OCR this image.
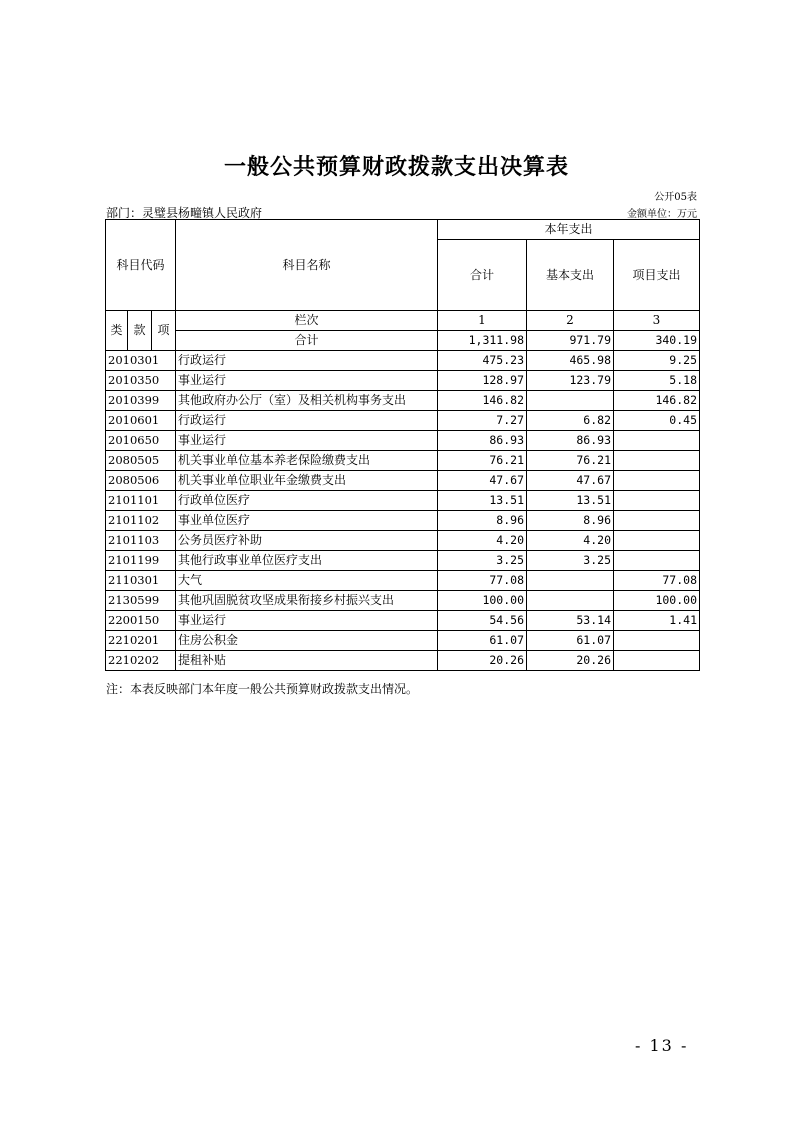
一般公共预算财政拨款支出决算表
公开05表
部门：灵璧县杨疃镇人民政府	金额单位：万元
科目代码			科目名称	本年支出		
				合计	基本支出	项目支出

类	款	项	栏次	1	2	3
			合计	1,311.98	971.79	340.19
2010301			行政运行	475.23	465.98	9.25
2010350			事业运行	128.97	123.79	5.18
2010399			其他政府办公厅（室）及相关机构事务支出	146.82		146.82
2010601			行政运行	7.27	6.82	0.45
2010650			事业运行	86.93	86.93	
2080505			机关事业单位基本养老保险缴费支出	76.21	76.21	
2080506			机关事业单位职业年金缴费支出	47.67	47.67	
2101101			行政单位医疗	13.51	13.51	
2101102			事业单位医疗	8.96	8.96	
2101103			公务员医疗补助	4.20	4.20	
2101199			其他行政事业单位医疗支出	3.25	3.25	
2110301			大气	77.08		77.08
2130599			其他巩固脱贫攻坚成果衔接乡村振兴支出	100.00		100.00
2200150			事业运行	54.56	53.14	1.41
2210201			住房公积金	61.07	61.07	
2210202			提租补贴	20.26	20.26	
注：本表反映部门本年度一般公共预算财政拨款支出情况。
- 13 -
